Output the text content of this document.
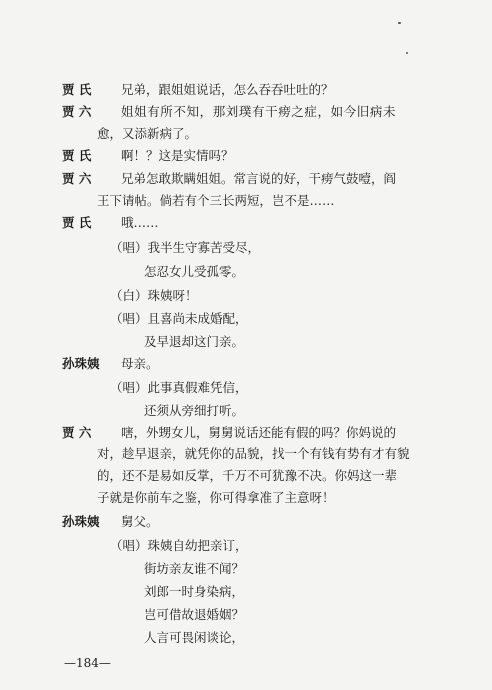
贾 氏
贾 六
贾 氏
贾 六
贾 氏
孙珠姨
贾 六
孙珠姨
兄弟，跟姐姐说话，怎么吞吞吐吐的？
姐姐有所不知，那刘璞有干痨之症，如今旧病未
愈，又添新病了。
啊！？这是实情吗？
兄弟怎敢欺瞒姐姐。常言说的好，干痨气鼓噎，阎
王下请帖。倘若有个三长两短，岂不是……
哦……
（唱）我半生守寡苦受尽，
怎忍女儿受孤零。
（白）珠姨呀！
（唱）且喜尚未成婚配，
及早退却这门亲。
母亲。
（唱）此事真假难凭信，
还须从旁细打听。
嗐，外甥女儿，舅舅说话还能有假的吗？你妈说的
对，趁早退亲，就凭你的品貌，找一个有钱有势有才有貌
的，还不是易如反掌，千万不可犹豫不决。你妈这一辈
子就是你前车之鉴，你可得拿准了主意呀！
舅父。
（唱）珠姨自幼把亲订，
街坊亲友谁不闻？
刘郎一时身染病，
岂可借故退婚姻？
人言可畏闲谈论，
—184—
